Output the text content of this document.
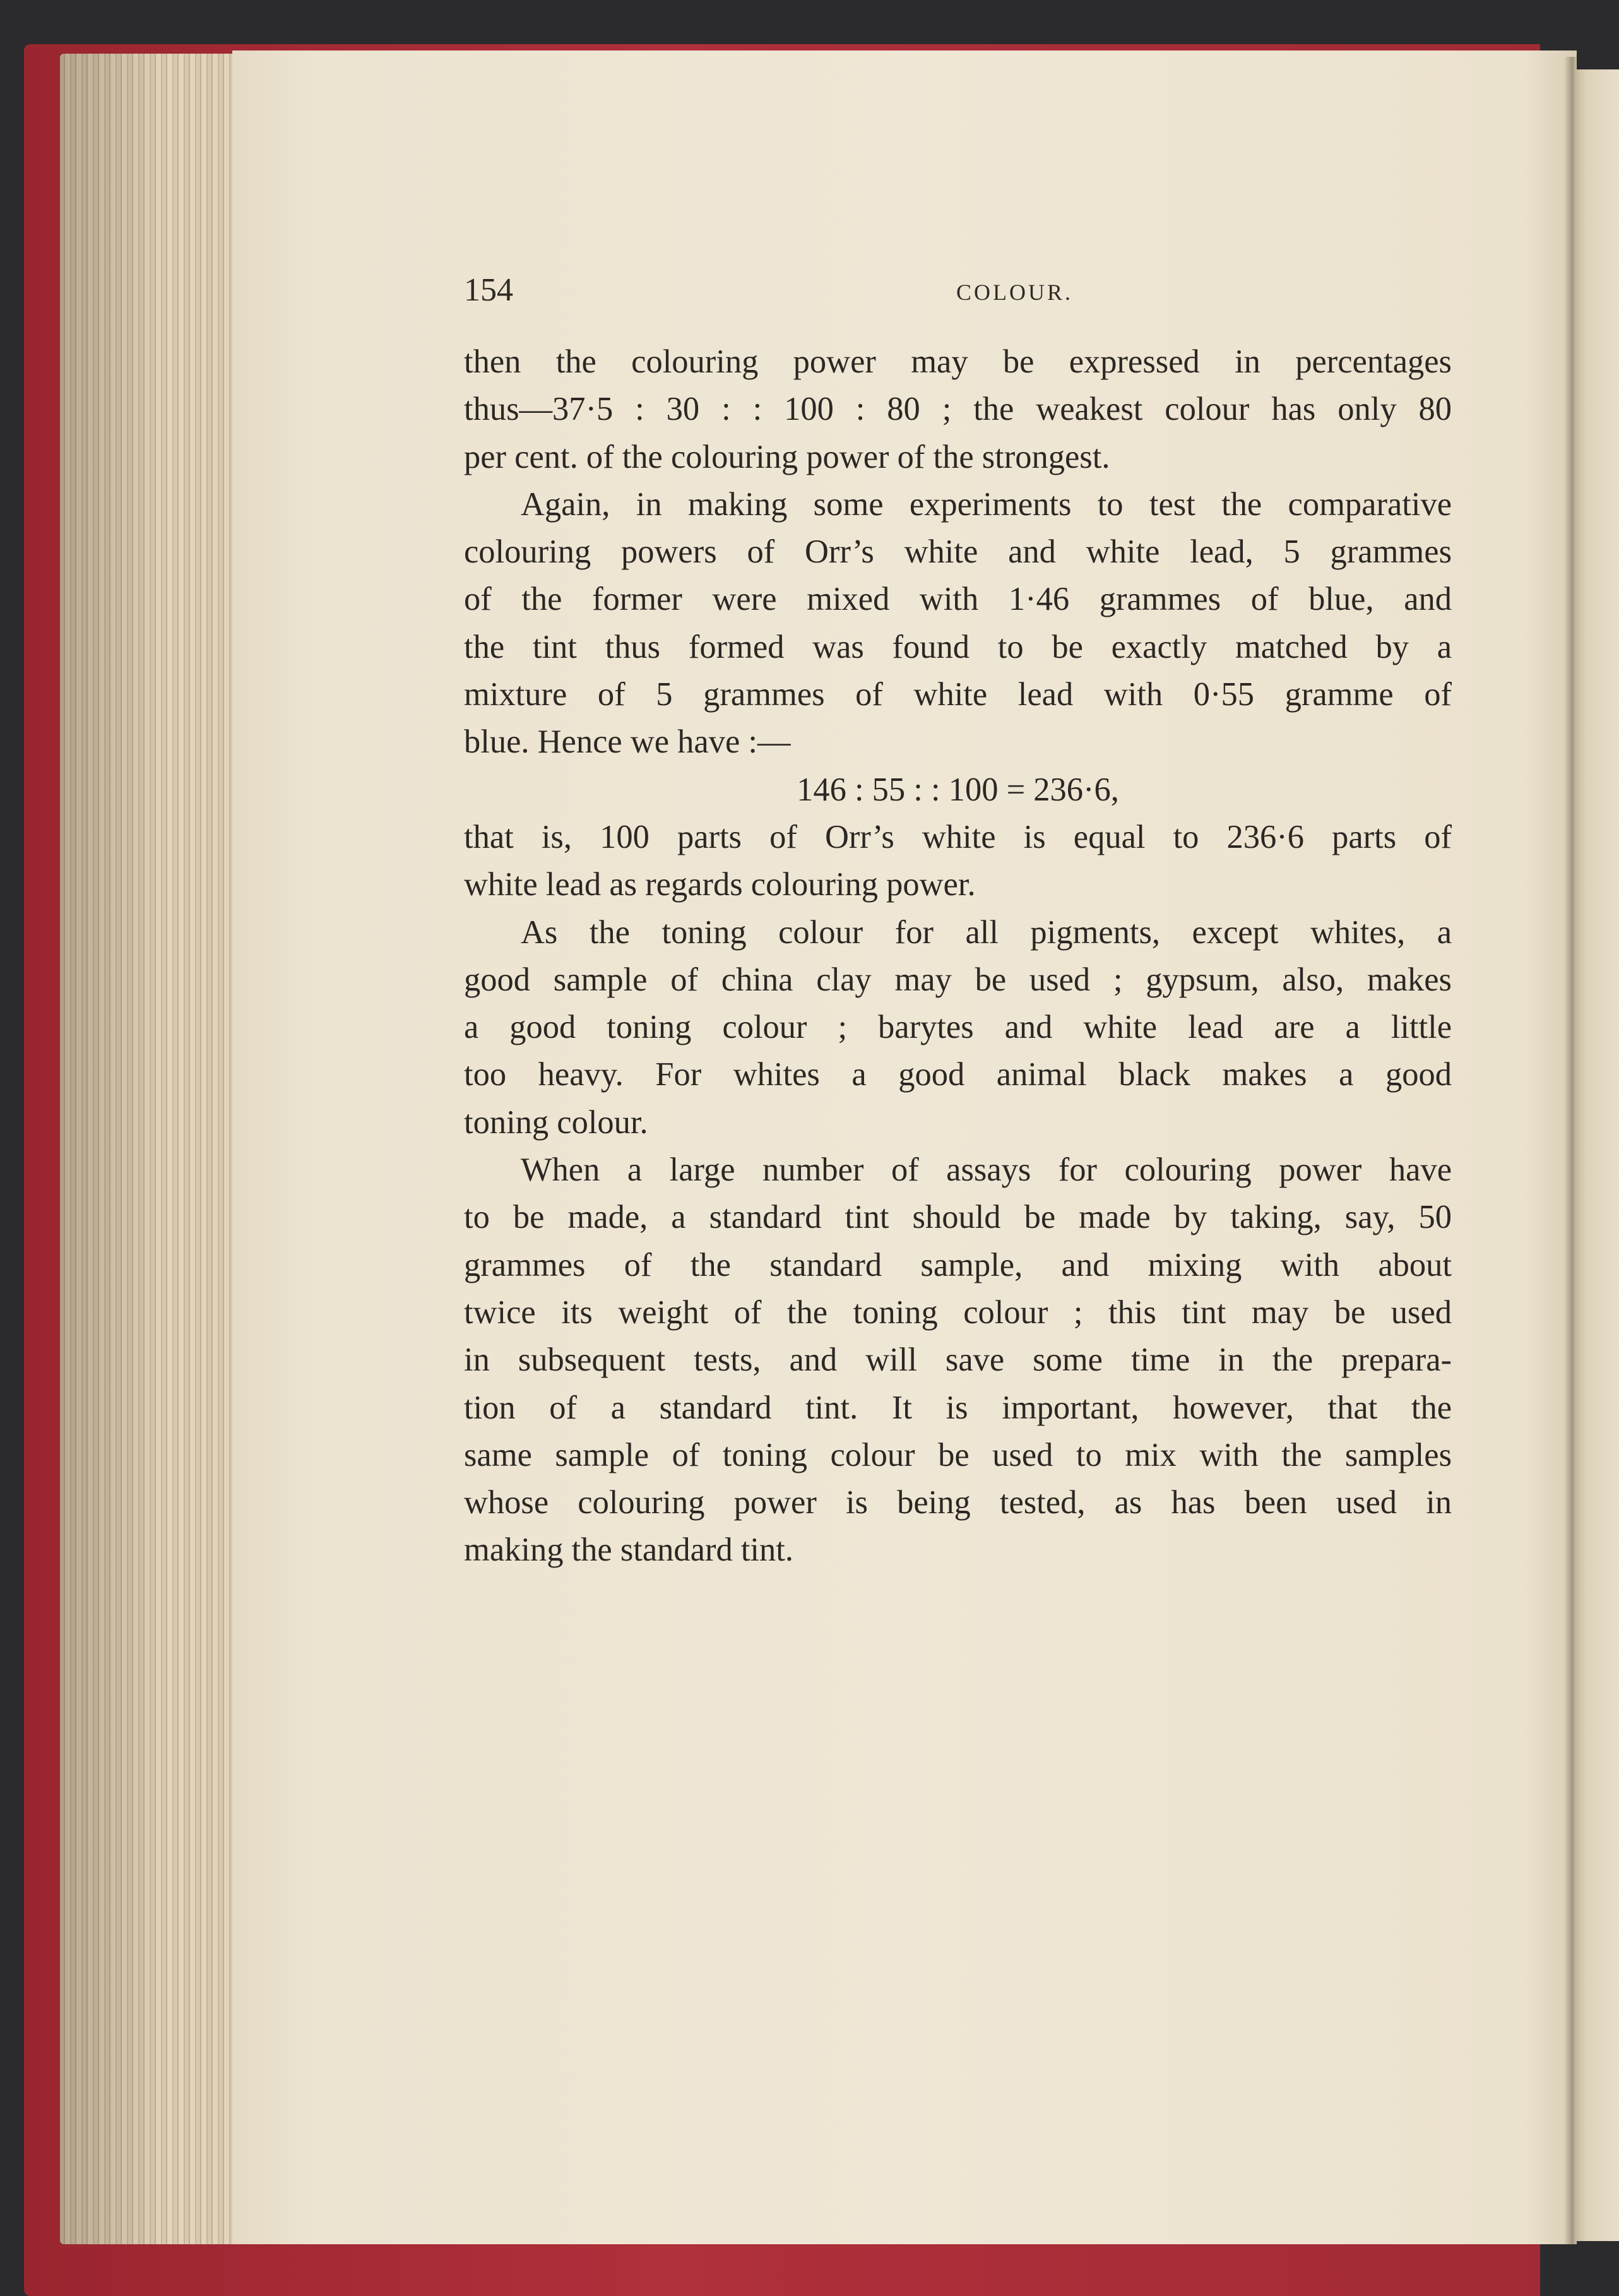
154	COLOUR.
then the colouring power may be expressed in percentages
thus—37·5 : 30 : : 100 : 80 ; the weakest colour has only 80
per cent. of the colouring power of the strongest.
Again, in making some experiments to test the comparative
colouring powers of Orr’s white and white lead, 5 grammes
of the former were mixed with 1·46 grammes of blue, and
the tint thus formed was found to be exactly matched by a
mixture of 5 grammes of white lead with 0·55 gramme of
blue. Hence we have :—
146 : 55 : : 100 = 236·6,
that is, 100 parts of Orr’s white is equal to 236·6 parts of
white lead as regards colouring power.
As the toning colour for all pigments, except whites, a
good sample of china clay may be used ; gypsum, also, makes
a good toning colour ; barytes and white lead are a little
too heavy. For whites a good animal black makes a good
toning colour.
When a large number of assays for colouring power have
to be made, a standard tint should be made by taking, say, 50
grammes of the standard sample, and mixing with about
twice its weight of the toning colour ; this tint may be used
in subsequent tests, and will save some time in the prepara-
tion of a standard tint. It is important, however, that the
same sample of toning colour be used to mix with the samples
whose colouring power is being tested, as has been used in
making the standard tint.
